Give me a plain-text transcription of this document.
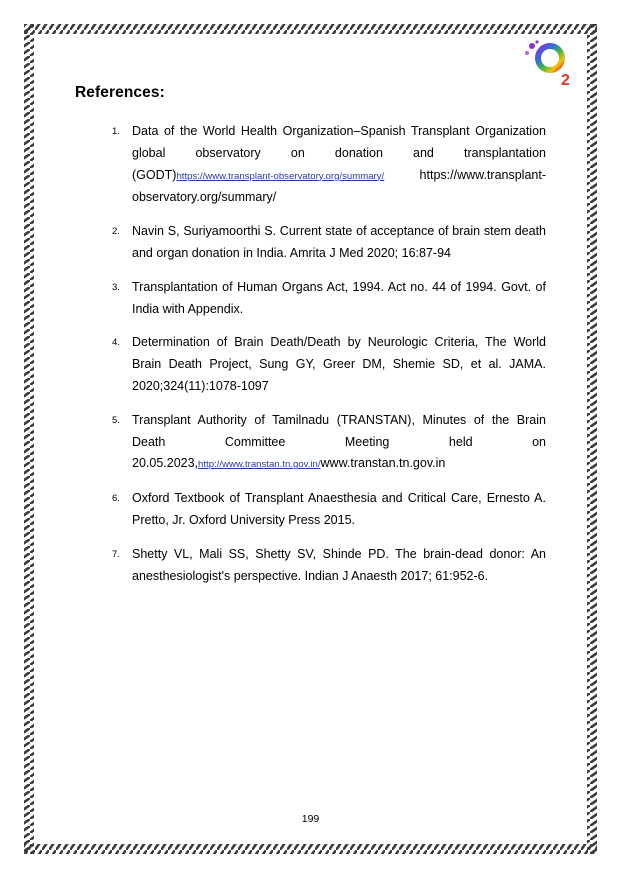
2
References:
1. Data of the World Health Organization–Spanish Transplant Organization global observatory on donation and transplantation (GODT)https://www.transplant-observatory.org/summary/ https://www.transplant-observatory.org/summary/
2. Navin S, Suriyamoorthi S. Current state of acceptance of brain stem death and organ donation in India. Amrita J Med 2020; 16:87-94
3. Transplantation of Human Organs Act, 1994. Act no. 44 of 1994. Govt. of India with Appendix.
4. Determination of Brain Death/Death by Neurologic Criteria, The World Brain Death Project, Sung GY, Greer DM, Shemie SD, et al. JAMA. 2020;324(11):1078-1097
5. Transplant Authority of Tamilnadu (TRANSTAN), Minutes of the Brain Death Committee Meeting held on 20.05.2023,http://www.transtan.tn.gov.in/www.transtan.tn.gov.in
6. Oxford Textbook of Transplant Anaesthesia and Critical Care, Ernesto A. Pretto, Jr. Oxford University Press 2015.
7. Shetty VL, Mali SS, Shetty SV, Shinde PD. The brain-dead donor: An anesthesiologist's perspective. Indian J Anaesth 2017; 61:952-6.
199
